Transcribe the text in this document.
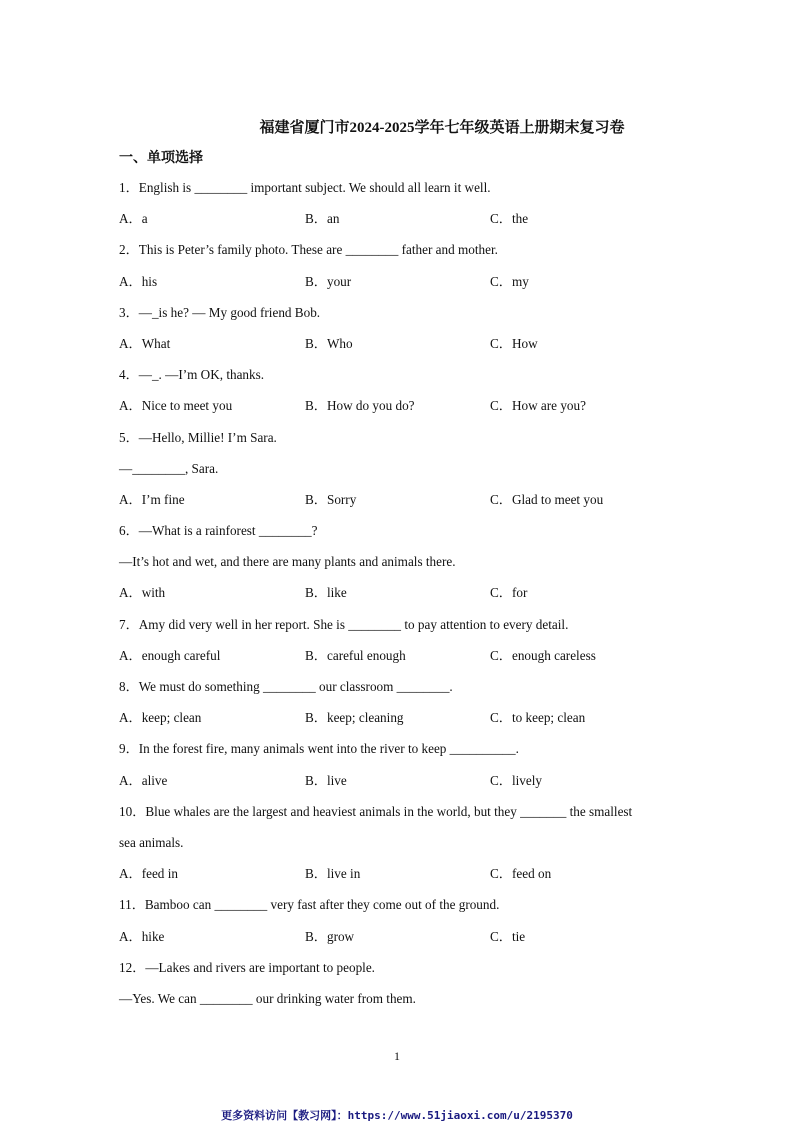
福建省厦门市2024-2025学年七年级英语上册期末复习卷
一、单项选择
1．English is ________ important subject. We should all learn it well.
A．a	B．an	C．the
2．This is Peter’s family photo. These are ________ father and mother.
A．his	B．your	C．my
3．—_is he? — My good friend Bob.
A．What	B．Who	C．How
4．—_. —I’m OK, thanks.
A．Nice to meet you	B．How do you do?	C．How are you?
5．—Hello, Millie! I’m Sara.
—________, Sara.
A．I’m fine	B．Sorry	C．Glad to meet you
6．—What is a rainforest ________?
—It’s hot and wet, and there are many plants and animals there.
A．with	B．like	C．for
7．Amy did very well in her report. She is ________ to pay attention to every detail.
A．enough careful	B．careful enough	C．enough careless
8．We must do something ________ our classroom ________.
A．keep; clean	B．keep; cleaning	C．to keep; clean
9．In the forest fire, many animals went into the river to keep __________.
A．alive	B．live	C．lively
10．Blue whales are the largest and heaviest animals in the world, but they _______ the smallest
sea animals.
A．feed in	B．live in	C．feed on
11．Bamboo can ________ very fast after they come out of the ground.
A．hike	B．grow	C．tie
12．—Lakes and rivers are important to people.
—Yes. We can ________ our drinking water from them.
1
更多资料访问【教习网】：https://www.51jiaoxi.com/u/2195370
